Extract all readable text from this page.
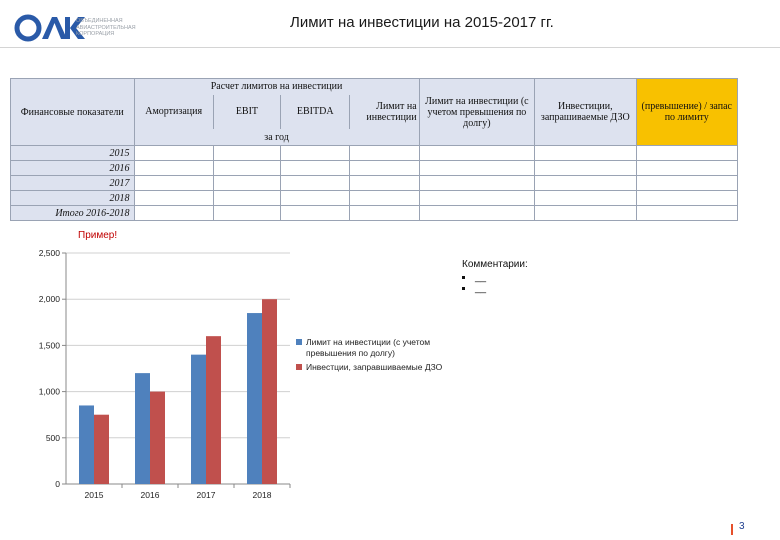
ОБЪЕДИНЕННАЯ АВИАСТРОИТЕЛЬНАЯ КОРПОРАЦИЯ
Лимит на инвестиции на 2015-2017 гг.
Финансовые показатели	Расчет лимитов на инвестиции				Лимит на инвестиции (с учетом превышения по долгу)	Инвестиции, запрашиваемые ДЗО	(превышение) / запас по лимиту
	Амортизация	EBIT	EBITDA	Лимит на инвестиции			
	за год						
2015							
2016							
2017							
2018							
Итого 2016-2018							
Пример!
0
500
1,000
1,500
2,000
2,500
2015	2016	2017	2018
Лимит на инвестиции (с учетом превышения по долгу)
Инвестции, заправшиваемые ДЗО
Комментарии:
__
__
3
